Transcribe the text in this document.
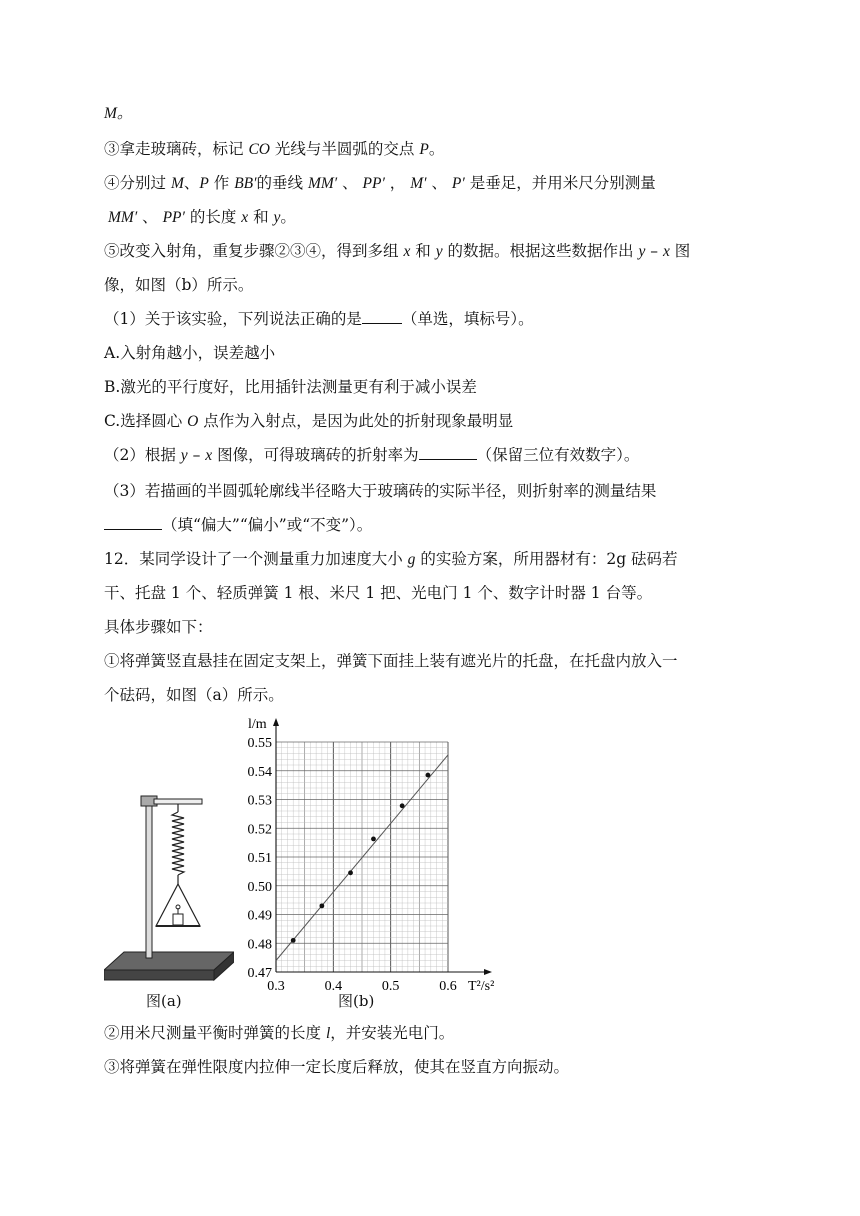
M。
③拿走玻璃砖，标记 CO 光线与半圆弧的交点 P。
④分别过 M、P 作 BB′的垂线 MM′ 、 PP′ ， M′ 、 P′ 是垂足，并用米尺分别测量
MM′ 、 PP′ 的长度 x 和 y。
⑤改变入射角，重复步骤②③④，得到多组 x 和 y 的数据。根据这些数据作出 y – x 图
像，如图（b）所示。
（1）关于该实验，下列说法正确的是	（单选，填标号）。
A.入射角越小，误差越小
B.激光的平行度好，比用插针法测量更有利于减小误差
C.选择圆心 O 点作为入射点，是因为此处的折射现象最明显
（2）根据 y – x 图像，可得玻璃砖的折射率为	（保留三位有效数字）。
（3）若描画的半圆弧轮廓线半径略大于玻璃砖的实际半径，则折射率的测量结果
（填“偏大”“偏小”或“不变”）。
12．某同学设计了一个测量重力加速度大小 g 的实验方案，所用器材有：2g 砝码若
干、托盘 1 个、轻质弹簧 1 根、米尺 1 把、光电门 1 个、数字计时器 1 台等。
具体步骤如下：
①将弹簧竖直悬挂在固定支架上，弹簧下面挂上装有遮光片的托盘，在托盘内放入一
个砝码，如图（a）所示。
②用米尺测量平衡时弹簧的长度 l，并安装光电门。
③将弹簧在弹性限度内拉伸一定长度后释放，使其在竖直方向振动。
图(a)
0.3	0.4	0.5	0.6
0.47
0.48
0.49
0.50
0.51
0.52
0.53
0.54
0.55
l/m
T²/s²
图(b)
